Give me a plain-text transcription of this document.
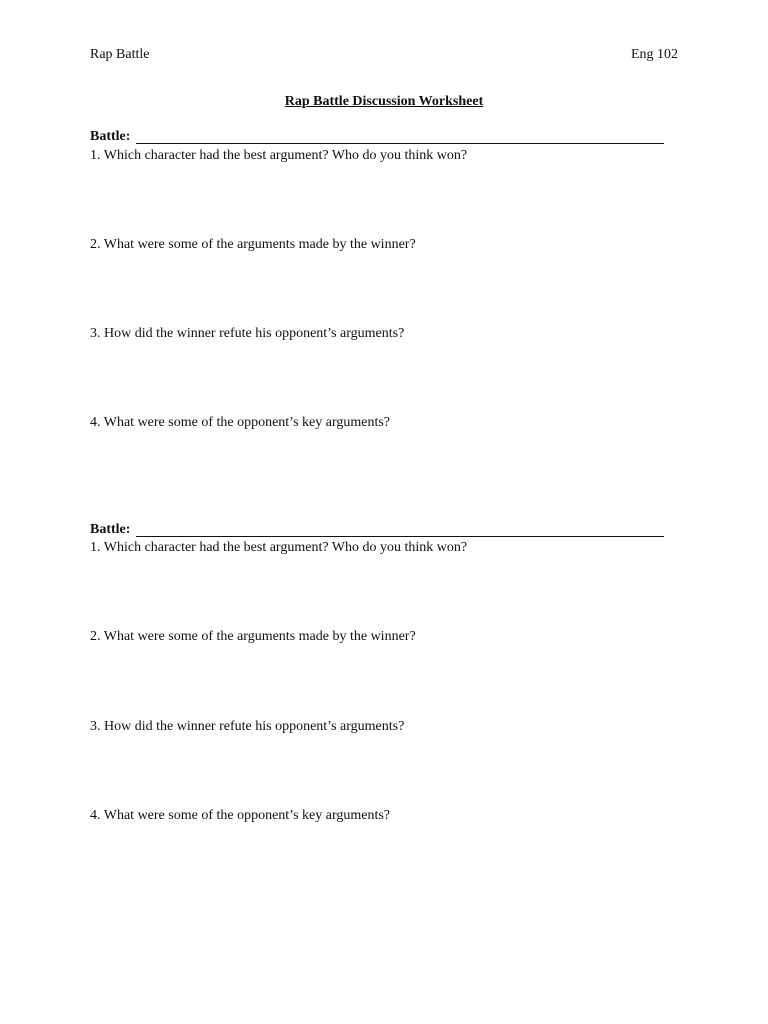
Rap Battle	Eng 102
Rap Battle Discussion Worksheet
Battle:
1. Which character had the best argument? Who do you think won?
2. What were some of the arguments made by the winner?
3. How did the winner refute his opponent’s arguments?
4. What were some of the opponent’s key arguments?
Battle:
1. Which character had the best argument? Who do you think won?
2. What were some of the arguments made by the winner?
3. How did the winner refute his opponent’s arguments?
4. What were some of the opponent’s key arguments?
